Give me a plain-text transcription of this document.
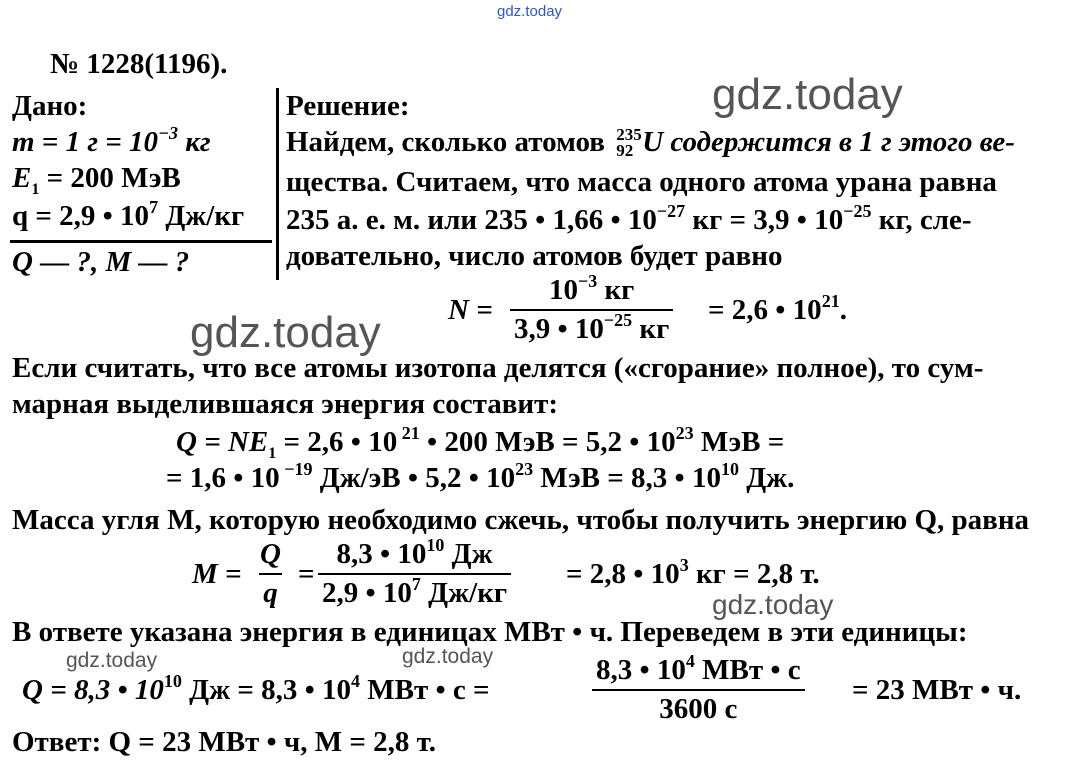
gdz.today
gdz.today
gdz.today
gdz.today
gdz.today	gdz.today
№ 1228(1196).
Дано:
m = 1 $г = 10^{-3}$ кг
$E_1 = 200$ МэВ
q = 2,9 • $10^7$ Дж/кг
Q — ?, M — ?
Решение:
Найдем, сколько атомов 235
92 U содержится в 1 г этого ве-
щества. Считаем, что масса одного атома урана равна
235 а. е. м. или 235 • 1,66 • $10^{-27}$ кг = 3,9 • $10^{-25}$ кг, сле-
довательно, число атомов будет равно
N =
$10^{-3}$ кг
3,9 • $10^{-25}$ кг
= 2,6 • $10^{21}$.
Если считать, что все атомы изотопа делятся («сгорание» полное), то сум-
марная выделившаяся энергия составит:
$Q = NE_1 = 2,6$ • 10 $^{21}$ • 200 МэВ = 5,2 • $10^{23}$ МэВ =
= 1,6 • 10 $^{-19}$ Дж/эВ • 5,2 • $10^{23}$ МэВ = 8,3 • $10^{10}$ Дж.
Масса угля M, которую необходимо сжечь, чтобы получить энергию Q, равна
$M = \frac{Q}{q}$ =
8,3 • $10^{10}$ Дж
2,9 • $10^7$ Дж/кг
= 2,8 • $10^3$ кг = 2,8 т.
В ответе указана энергия в единицах МВт • ч. Переведем в эти единицы:
Q = 8,3 • $10^{10}$ Дж = 8,3 • $10^4$ МВт • с =
8,3 • $10^4$ МВт • с
3600 с
= 23 МВт • ч.
Ответ: Q = 23 МВт • ч, M = 2,8 т.
